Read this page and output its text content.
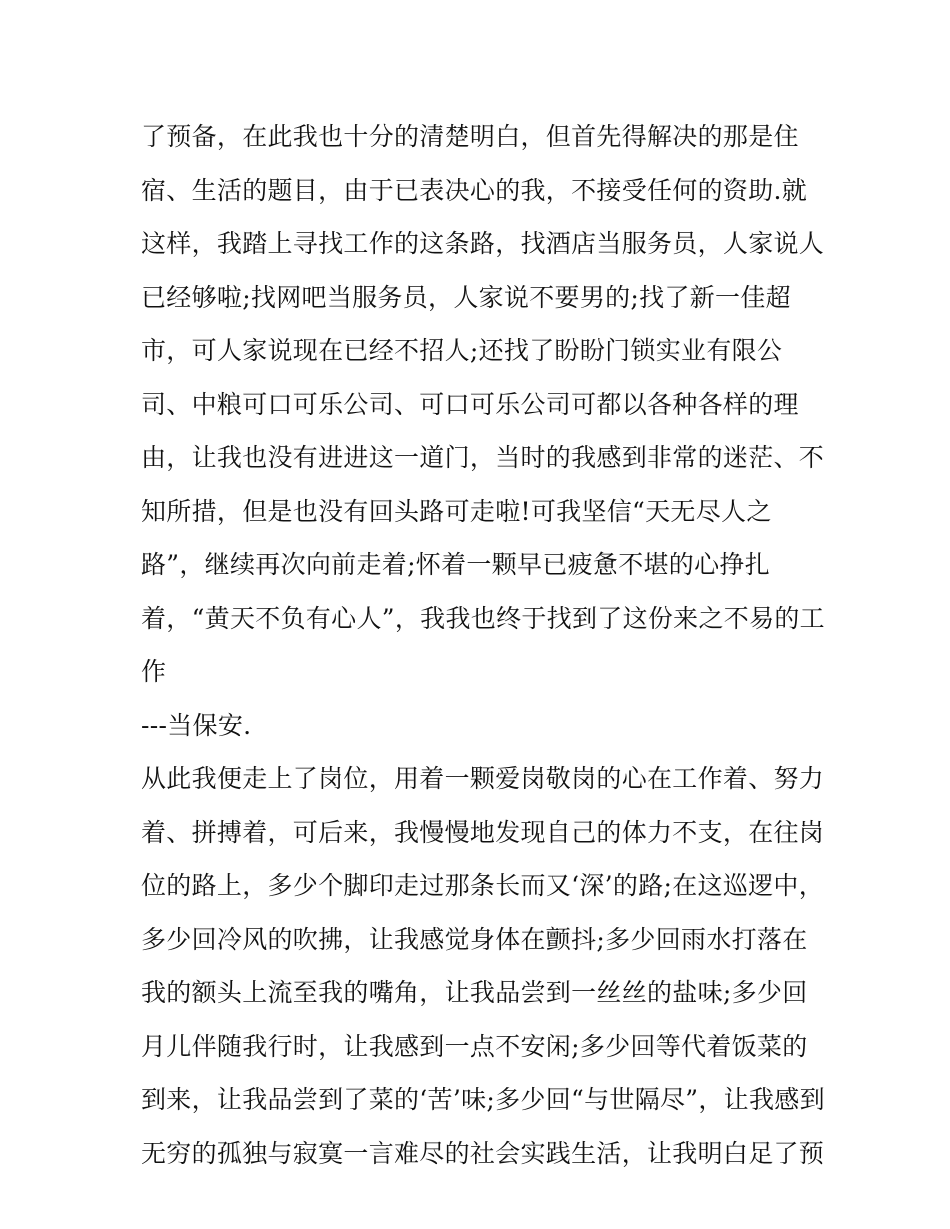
了预备，在此我也十分的清楚明白，但首先得解决的那是住
宿、生活的题目，由于已表决心的我，不接受任何的资助.就
这样，我踏上寻找工作的这条路，找酒店当服务员，人家说人
已经够啦;找网吧当服务员，人家说不要男的;找了新一佳超
市，可人家说现在已经不招人;还找了盼盼门锁实业有限公
司、中粮可口可乐公司、可口可乐公司可都以各种各样的理
由，让我也没有进进这一道门，当时的我感到非常的迷茫、不
知所措，但是也没有回头路可走啦!可我坚信“天无尽人之
路”，继续再次向前走着;怀着一颗早已疲惫不堪的心挣扎
着，“黄天不负有心人”，我我也终于找到了这份来之不易的工
作
---当保安.
从此我便走上了岗位，用着一颗爱岗敬岗的心在工作着、努力
着、拼搏着，可后来，我慢慢地发现自己的体力不支，在往岗
位的路上，多少个脚印走过那条长而又‘深’的路;在这巡逻中，
多少回冷风的吹拂，让我感觉身体在颤抖;多少回雨水打落在
我的额头上流至我的嘴角，让我品尝到一丝丝的盐味;多少回
月儿伴随我行时，让我感到一点不安闲;多少回等代着饭菜的
到来，让我品尝到了菜的‘苦’味;多少回“与世隔尽”，让我感到
无穷的孤独与寂寞一言难尽的社会实践生活，让我明白足了预
